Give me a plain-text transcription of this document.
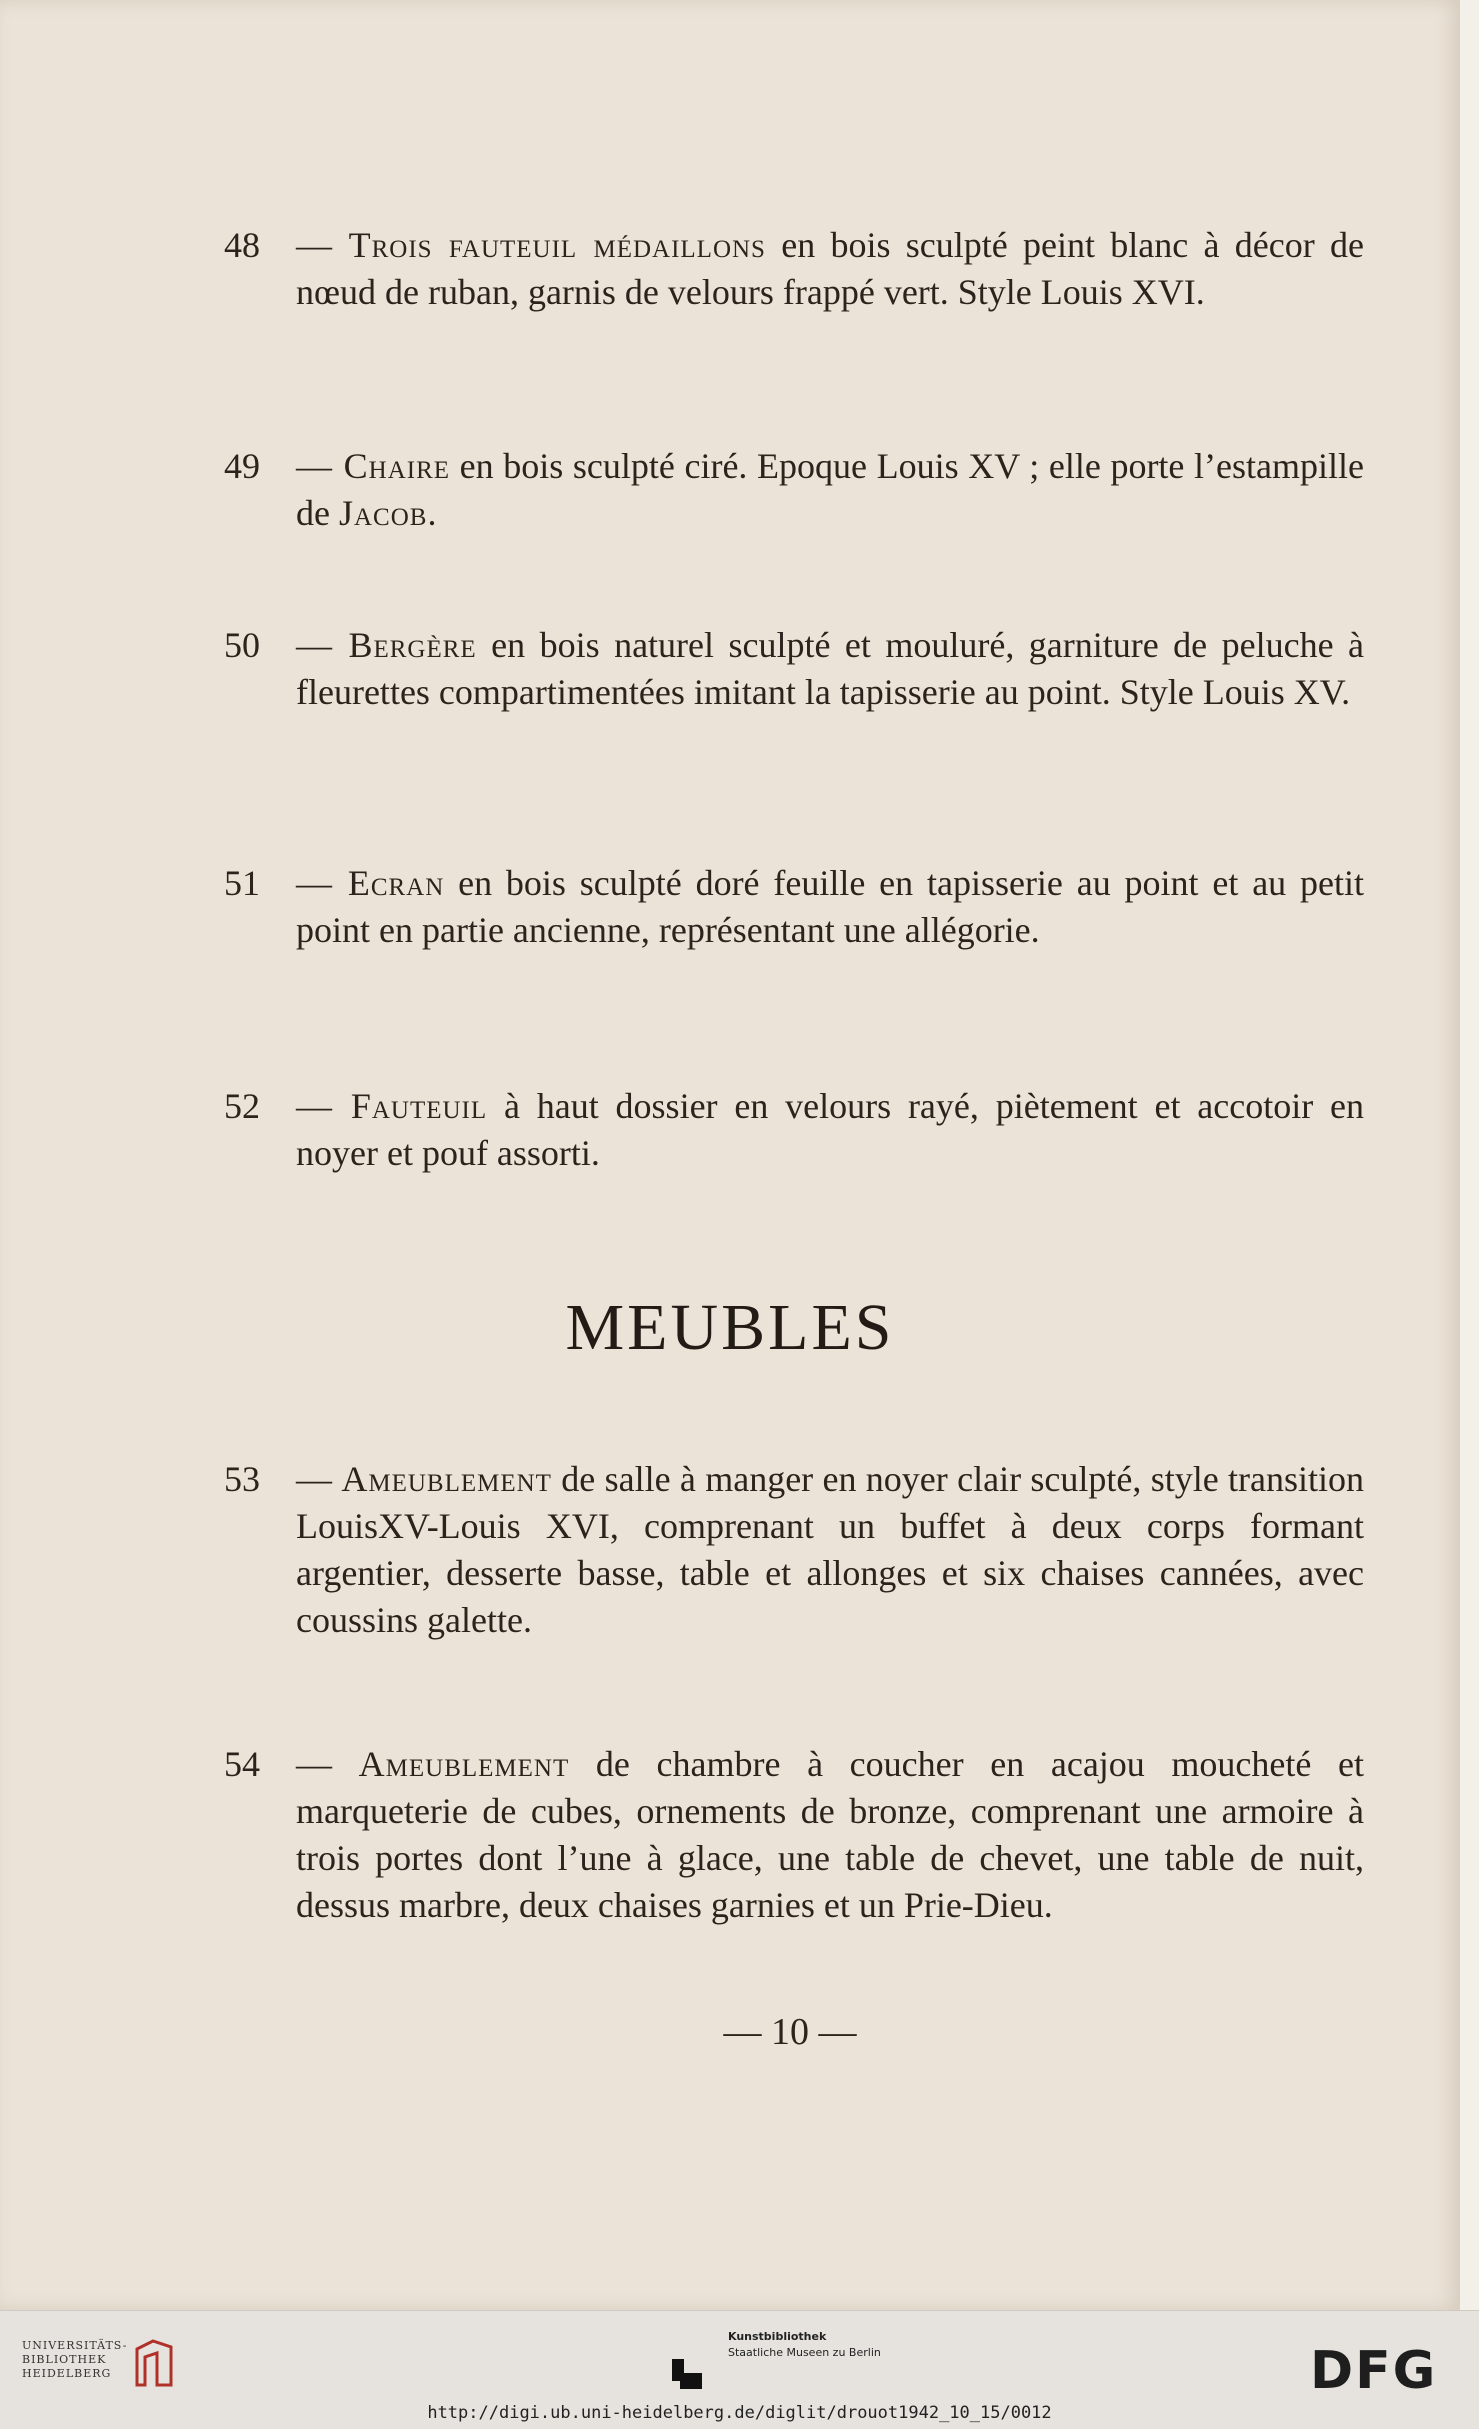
48 — Trois fauteuil médaillons en bois sculpté peint blanc à décor de nœud de ruban, garnis de velours frappé vert. Style Louis XVI.
49 — Chaire en bois sculpté ciré. Epoque Louis XV ; elle porte l’estampille de Jacob.
50 — Bergère en bois naturel sculpté et mouluré, garniture de peluche à fleurettes compartimentées imitant la tapisserie au point. Style Louis XV.
51 — Ecran en bois sculpté doré feuille en tapisserie au point et au petit point en partie ancienne, représentant une allégorie.
52 — Fauteuil à haut dossier en velours rayé, piètement et accotoir en noyer et pouf assorti.
MEUBLES
53 — Ameublement de salle à manger en noyer clair sculpté, style transition LouisXV-Louis XVI, comprenant un buffet à deux corps formant argentier, desserte basse, table et allonges et six chaises cannées, avec coussins galette.
54 — Ameublement de chambre à coucher en acajou moucheté et marqueterie de cubes, ornements de bronze, comprenant une armoire à trois portes dont l’une à glace, une table de chevet, une table de nuit, dessus marbre, deux chaises garnies et un Prie-Dieu.
— 10 —
UNIVERSITÄTS-
BIBLIOTHEK
HEIDELBERG
Kunstbibliothek
Staatliche Museen zu Berlin	DFG
http://digi.ub.uni-heidelberg.de/diglit/drouot1942_10_15/0012
